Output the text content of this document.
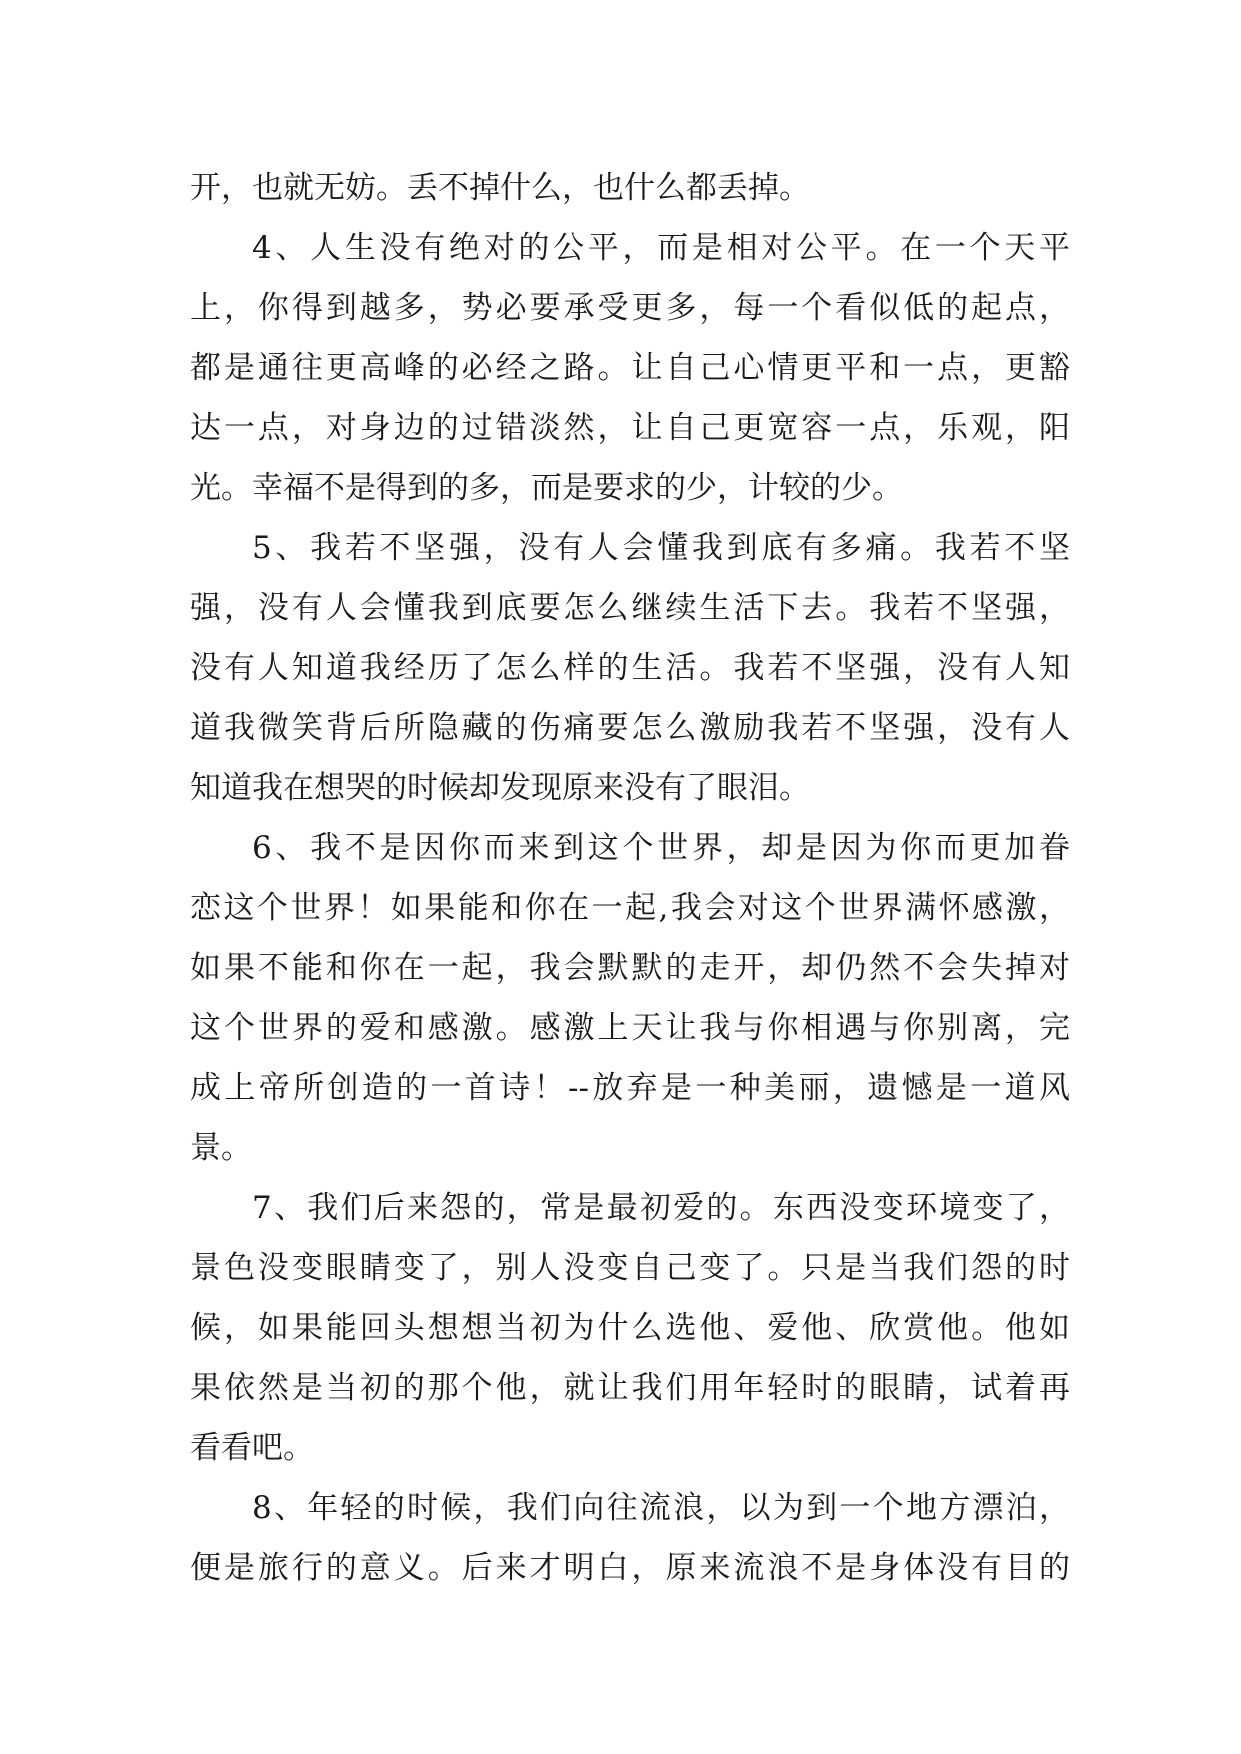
开，也就无妨。丢不掉什么，也什么都丢掉。
4、人生没有绝对的公平，而是相对公平。在一个天平
上，你得到越多，势必要承受更多，每一个看似低的起点，
都是通往更高峰的必经之路。让自己心情更平和一点，更豁
达一点，对身边的过错淡然，让自己更宽容一点，乐观，阳
光。幸福不是得到的多，而是要求的少，计较的少。
5、我若不坚强，没有人会懂我到底有多痛。我若不坚
强，没有人会懂我到底要怎么继续生活下去。我若不坚强，
没有人知道我经历了怎么样的生活。我若不坚强，没有人知
道我微笑背后所隐藏的伤痛要怎么激励我若不坚强，没有人
知道我在想哭的时候却发现原来没有了眼泪。
6、我不是因你而来到这个世界，却是因为你而更加眷
恋这个世界！如果能和你在一起,我会对这个世界满怀感激，
如果不能和你在一起，我会默默的走开，却仍然不会失掉对
这个世界的爱和感激。感激上天让我与你相遇与你别离，完
成上帝所创造的一首诗！--放弃是一种美丽，遗憾是一道风
景。
7、我们后来怨的，常是最初爱的。东西没变环境变了，
景色没变眼睛变了，别人没变自己变了。只是当我们怨的时
候，如果能回头想想当初为什么选他、爱他、欣赏他。他如
果依然是当初的那个他，就让我们用年轻时的眼睛，试着再
看看吧。
8、年轻的时候，我们向往流浪，以为到一个地方漂泊，
便是旅行的意义。后来才明白，原来流浪不是身体没有目的
